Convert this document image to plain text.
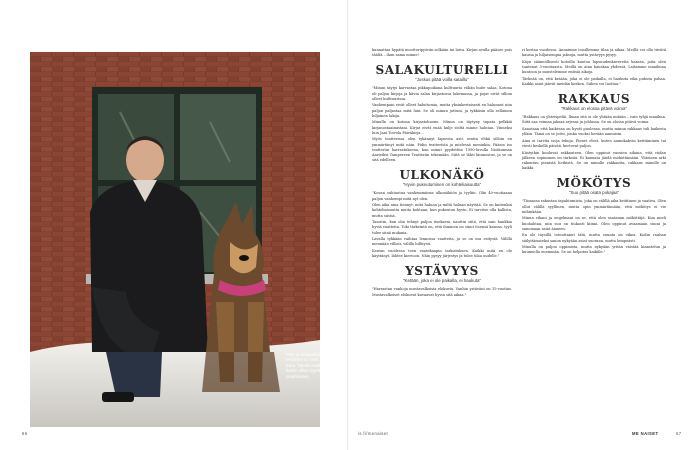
Pete ja catrapoliisikoira Apila. Pechrenl on mieli, vaimo ja koira. Tämän mukken kanssa hamm alkan kyyhkis ja omahkoinen.

kunnattaa hypätä moottoripyörän selkään tai laiva. Kirjan avulla pääsee pois täältä – ihan sama minne!

SALAKULTURELLI
"Joskus pitää voilla sataillu"

"Minun täytyi karvastaa pikkupoikana kulttuuria vähän huite salaa. Kotona oli paljon kirjoja ja kävin salaa kirjastossa lukemassa, ja pojat eivät silloin olleet kulttuurissa.

Vanhempani eivät olleet haluttomia, mutta yksinkertaisesti en halunnut niin paljon paljastaa mitä luin. Se oli minun juttuni, ja tykkäsin olla sellainen hiljainen lukija.

Minulla on kotona kirjastohuone. Minun on täytyny tupata pelkkiä kirjanostaaimistani. Kirjat eivät enää kulje sieltä minne halutan. Viimeksi luin Jani Toivola Päiväkirja...

Myös teatterissa olen tykännyt lapsesta asti, mutta ehkä silloin en ymmärtänyt mitä näin. Pidin teatterista ja mielessä meninkin. Pääsin iso teatteriin harrastuksena, kun minut pyydettiin 1990-luvulla Nioikunnan Aarteiksi Tampereen Teatteriin tekemään. Siitä se lähti kiinnostus, ja se on sitä edelleen.

ULKONÄKÖ
"Hyvin pukeutuminen on kohteliaisuutta"

"Kovan suhtautua vanhemmiinsa ulkonäköön ja tyyliin. Olin 40-vuotiaana paljon vanhempi mitä nyt olen.

Olen aika aina tiennyt, mitä haluan ja miltä haluan näyttää. Se on kuitenkin kohteliaisuutta muita kohtaan, kun pukeutuu hyvin. Ei tarvitse olla kallista, mutta siistiä.

Tasoitin, kun olin tehnyt paljon itsekseni, nauttin siitä, että sain hankkia hyviä vaatteita. Toki tärkeintä on, että ihminen on sinut itsensä kanssa, tyyli tulee siinä mukana.

Lavalla tykkään vaihtaa lennossa vaatteita, ja se on osa esitystä. Välillä mennään villisti, välillä hillitysti.

Kerran vuodessa teen vaatekaapin tarkistuksen. Kaikki mitä en ole käyttänyt, lähtee kiertoon. Näin pysyy järjestys ja tulee tilaa uudelle."

YSTÄVYYS
"Ketään, joka ei ole paikalla, ei haukuta"

"Harrastan vanhoja mustavalkoisia elokuvia. Vanhin ystäväni on 15-vuotias. Mustavalkoiset elokuvat kuvaavat hyvin sitä aikaa."

ri kertaa vuodessa. Annamme toisillemme tilaa ja aikaa. Meillä voi olla tiiviitä kausia ja hiljaisempia jaksoja, mutta ystävyys pysyy.

Käyn säännöllisesti kotoilla kuutoa lapsuudenkavereita kanssa, joita olen tuntenut 3-vuotiaasta. Meillä on aina hauskaa yhdessä. Laitamme maailmaa kuntoon ja muistelemme entisiä aikoja.

Tärkeää on, että ketään, joka ei ole paikalla, ei haukuta eikä puhuta pahaa. Kaikki asiat jäävät meidän kesken. Siihen voi luottaa."

RAKKAUS
"Rakkaus on elossa pitävä voima"

"Rakkaus on yhteispeliä. Ilman sitä ei ole yhtään mitään – vain tyhjä maailma. Siitä saa voimaa jaksaa arjessa ja juhlassa. Se on elossa pitävä voima.

Sanotaan että kaikessa on hyvät puolensa, mutta minun rakkaus tuli kaikesta ylikin. Tämä on se juttu, jonka vuoksi herään aamuisin.

Aina ei tarvita isoja tekoja. Pienet eleet, kuten aamukahvin keittäminen tai viesti keskellä päivää, kertovat paljon.

Kiistytkin kuuluvat rakkauteen. Olen oppinut vuosien aikana, että riidan jälkeen sopiminen on tärkeää. Ei kannata jäädä mököttämään. Yhteinen arki rakentuu pienistä hetkistä. Se on minulle rakkautta, rakkaus minulle on kaikki.

MÖKÖTYS
"Suu pitää osata pukajaa"

"Tiimassa rakastan tapahtumista, joka on välillä aika kriittinen ja vaativa. Olen ollut välillä syyllinen, mutta opin ymmärtämään, että mökötys ei vie mihinkään.

Minun vikani ja ongelmani on se, että olen saatanan mököttäjä. Kun mieli kuohahtaa, niin suu on tiukasti kiinni. Olen oppinut avaamaan suuni ja sanomaan asiat ääneen.

En ole täysillä toteuttanut tätä, mutta suunta on oikea. Kodin rauhan säilyttämiseksi sanon nykyään asiat suoraan, mutta lempeästi.

Minulla on paljon oppimista, mutta nykyään yritän väistää kinastelun ja kuunnella enemmän. Se on helpotus kaikille."

66	is.fi/menaiset	ME NAISET	67
